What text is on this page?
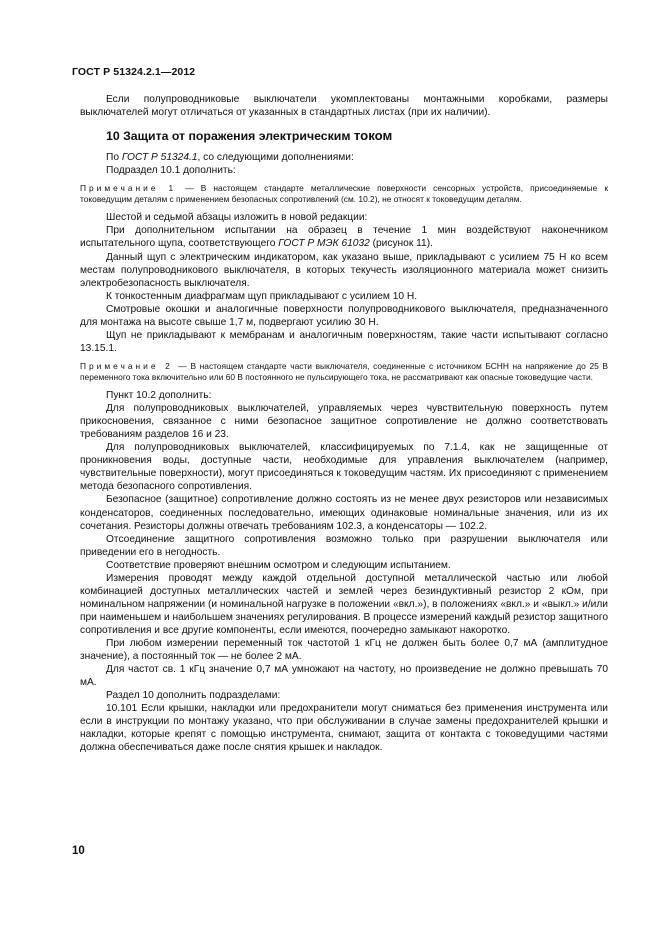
ГОСТ Р 51324.2.1—2012

Если полупроводниковые выключатели укомплектованы монтажными коробками, размеры выключателей могут отличаться от указанных в стандартных листах (при их наличии).

10 Защита от поражения электрическим током

По ГОСТ Р 51324.1, со следующими дополнениями:

Подраздел 10.1 дополнить:

Примечание 1 — В настоящем стандарте металлические поверхности сенсорных устройств, присоединяемые к токоведущим деталям с применением безопасных сопротивлений (см. 10.2), не относят к токоведущим деталям.

Шестой и седьмой абзацы изложить в новой редакции:

При дополнительном испытании на образец в течение 1 мин воздействуют наконечником испытательного щупа, соответствующего ГОСТ Р МЭК 61032 (рисунок 11).

Данный щуп с электрическим индикатором, как указано выше, прикладывают с усилием 75 Н ко всем местам полупроводникового выключателя, в которых текучесть изоляционного материала может снизить электробезопасность выключателя.

К тонкостенным диафрагмам щуп прикладывают с усилием 10 Н.

Смотровые окошки и аналогичные поверхности полупроводникового выключателя, предназначенного для монтажа на высоте свыше 1,7 м, подвергают усилию 30 Н.

Щуп не прикладывают к мембранам и аналогичным поверхностям, такие части испытывают согласно 13.15.1.

Примечание 2 — В настоящем стандарте части выключателя, соединенные с источником БСНН на напряжение до 25 В переменного тока включительно или 60 В постоянного не пульсирующего тока, не рассматривают как опасные токоведущие части.

Пункт 10.2 дополнить:

Для полупроводниковых выключателей, управляемых через чувствительную поверхность путем прикосновения, связанное с ними безопасное защитное сопротивление не должно соответствовать требованиям разделов 16 и 23.

Для полупроводниковых выключателей, классифицируемых по 7.1.4, как не защищенные от проникновения воды, доступные части, необходимые для управления выключателем (например, чувствительные поверхности), могут присоединяться к токоведущим частям. Их присоединяют с применением метода безопасного сопротивления.

Безопасное (защитное) сопротивление должно состоять из не менее двух резисторов или независимых конденсаторов, соединенных последовательно, имеющих одинаковые номинальные значения, или из их сочетания. Резисторы должны отвечать требованиям 102.3, а конденсаторы — 102.2.

Отсоединение защитного сопротивления возможно только при разрушении выключателя или приведении его в негодность.

Соответствие проверяют внешним осмотром и следующим испытанием.

Измерения проводят между каждой отдельной доступной металлической частью или любой комбинацией доступных металлических частей и землей через безиндуктивный резистор 2 кОм, при номинальном напряжении (и номинальной нагрузке в положении «вкл.»), в положениях «вкл.» и «выкл.» и/или при наименьшем и наибольшем значениях регулирования. В процессе измерений каждый резистор защитного сопротивления и все другие компоненты, если имеются, поочередно замыкают накоротко.

При любом измерении переменный ток частотой 1 кГц не должен быть более 0,7 мА (амплитудное значение), а постоянный ток — не более 2 мА.

Для частот св. 1 кГц значение 0,7 мА умножают на частоту, но произведение не должно превышать 70 мА.

Раздел 10 дополнить подразделами:

10.101 Если крышки, накладки или предохранители могут сниматься без применения инструмента или если в инструкции по монтажу указано, что при обслуживании в случае замены предохранителей крышки и накладки, которые крепят с помощью инструмента, снимают, защита от контакта с токоведущими частями должна обеспечиваться даже после снятия крышек и накладок.

10
